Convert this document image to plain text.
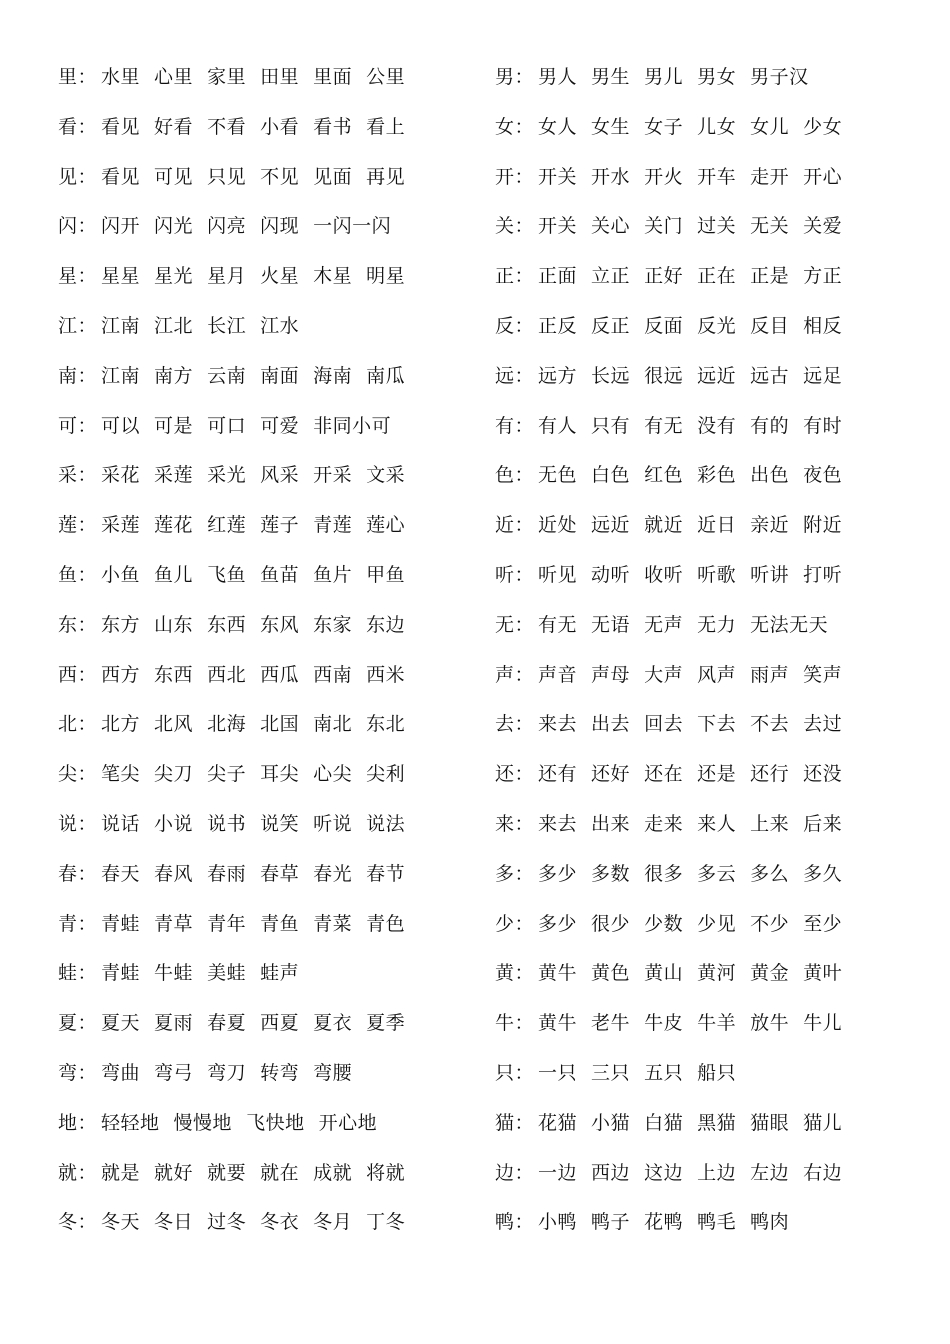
里： 水里 心里 家里 田里 里面 公里
看： 看见 好看 不看 小看 看书 看上
见： 看见 可见 只见 不见 见面 再见
闪： 闪开 闪光 闪亮 闪现 一闪一闪
星： 星星 星光 星月 火星 木星 明星
江： 江南 江北 长江 江水
南： 江南 南方 云南 南面 海南 南瓜
可： 可以 可是 可口 可爱 非同小可
采： 采花 采莲 采光 风采 开采 文采
莲： 采莲 莲花 红莲 莲子 青莲 莲心
鱼： 小鱼 鱼儿 飞鱼 鱼苗 鱼片 甲鱼
东： 东方 山东 东西 东风 东家 东边
西： 西方 东西 西北 西瓜 西南 西米
北： 北方 北风 北海 北国 南北 东北
尖： 笔尖 尖刀 尖子 耳尖 心尖 尖利
说： 说话 小说 说书 说笑 听说 说法
春： 春天 春风 春雨 春草 春光 春节
青： 青蛙 青草 青年 青鱼 青菜 青色
蛙： 青蛙 牛蛙 美蛙 蛙声
夏： 夏天 夏雨 春夏 西夏 夏衣 夏季
弯： 弯曲 弯弓 弯刀 转弯 弯腰
地： 轻轻地 慢慢地 飞快地 开心地
就： 就是 就好 就要 就在 成就 将就
冬： 冬天 冬日 过冬 冬衣 冬月 丁冬
男： 男人 男生 男儿 男女 男子汉
女： 女人 女生 女子 儿女 女儿 少女
开： 开关 开水 开火 开车 走开 开心
关： 开关 关心 关门 过关 无关 关爱
正： 正面 立正 正好 正在 正是 方正
反： 正反 反正 反面 反光 反目 相反
远： 远方 长远 很远 远近 远古 远足
有： 有人 只有 有无 没有 有的 有时
色： 无色 白色 红色 彩色 出色 夜色
近： 近处 远近 就近 近日 亲近 附近
听： 听见 动听 收听 听歌 听讲 打听
无： 有无 无语 无声 无力 无法无天
声： 声音 声母 大声 风声 雨声 笑声
去： 来去 出去 回去 下去 不去 去过
还： 还有 还好 还在 还是 还行 还没
来： 来去 出来 走来 来人 上来 后来
多： 多少 多数 很多 多云 多么 多久
少： 多少 很少 少数 少见 不少 至少
黄： 黄牛 黄色 黄山 黄河 黄金 黄叶
牛： 黄牛 老牛 牛皮 牛羊 放牛 牛儿
只： 一只 三只 五只 船只
猫： 花猫 小猫 白猫 黑猫 猫眼 猫儿
边： 一边 西边 这边 上边 左边 右边
鸭： 小鸭 鸭子 花鸭 鸭毛 鸭肉
